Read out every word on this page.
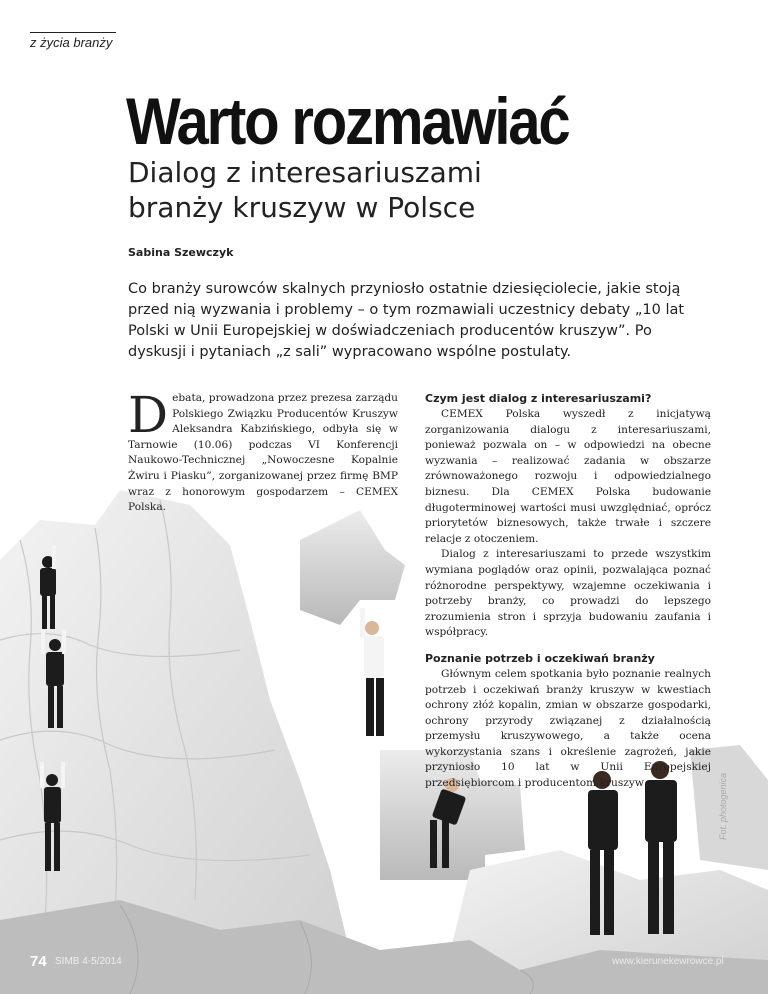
z życia branży
Warto rozmawiać
Dialog z interesariuszami
branży kruszyw w Polsce
Sabina Szewczyk
Co branży surowców skalnych przyniosło ostatnie dziesięciolecie, jakie stoją przed nią wyzwania i problemy – o tym rozmawiali uczestnicy debaty „10 lat Polski w Unii Europejskiej w doświadczeniach producentów kruszyw”. Po dyskusji i pytaniach „z sali” wypracowano wspólne postulaty.
Debata, prowadzona przez prezesa zarządu Polskiego Związku Producentów Kruszyw Aleksandra Kabzińskiego, odbyła się w Tarnowie (10.06) podczas VI Konferencji Naukowo-Technicznej „Nowoczesne Kopalnie Żwiru i Piasku”, zorganizowanej przez firmę BMP wraz z honorowym gospodarzem – CEMEX Polska.
Czym jest dialog z interesariuszami?

CEMEX Polska wyszedł z inicjatywą zorganizowania dialogu z interesariuszami, ponieważ pozwala on – w odpowiedzi na obecne wyzwania – realizować zadania w obszarze zrównoważonego rozwoju i odpowiedzialnego biznesu. Dla CEMEX Polska budowanie długoterminowej wartości musi uwzględniać, oprócz priorytetów biznesowych, także trwałe i szczere relacje z otoczeniem.

Dialog z interesariuszami to przede wszystkim wymiana poglądów oraz opinii, pozwalająca poznać różnorodne perspektywy, wzajemne oczekiwania i potrzeby branży, co prowadzi do lepszego zrozumienia stron i sprzyja budowaniu zaufania i współpracy.

Poznanie potrzeb i oczekiwań branży

Głównym celem spotkania było poznanie realnych potrzeb i oczekiwań branży kruszyw w kwestiach ochrony złóż kopalin, zmian w obszarze gospodarki, ochrony przyrody związanej z działalnością przemysłu kruszywowego, a także ocena wykorzystania szans i określenie zagrożeń, jakie przyniosło 10 lat w Unii Europejskiej przedsiębiorcom i producentom kruszyw	Fot. photogenica
74 SIMB 4-5/2014	www.kierunekewrowce.pl
